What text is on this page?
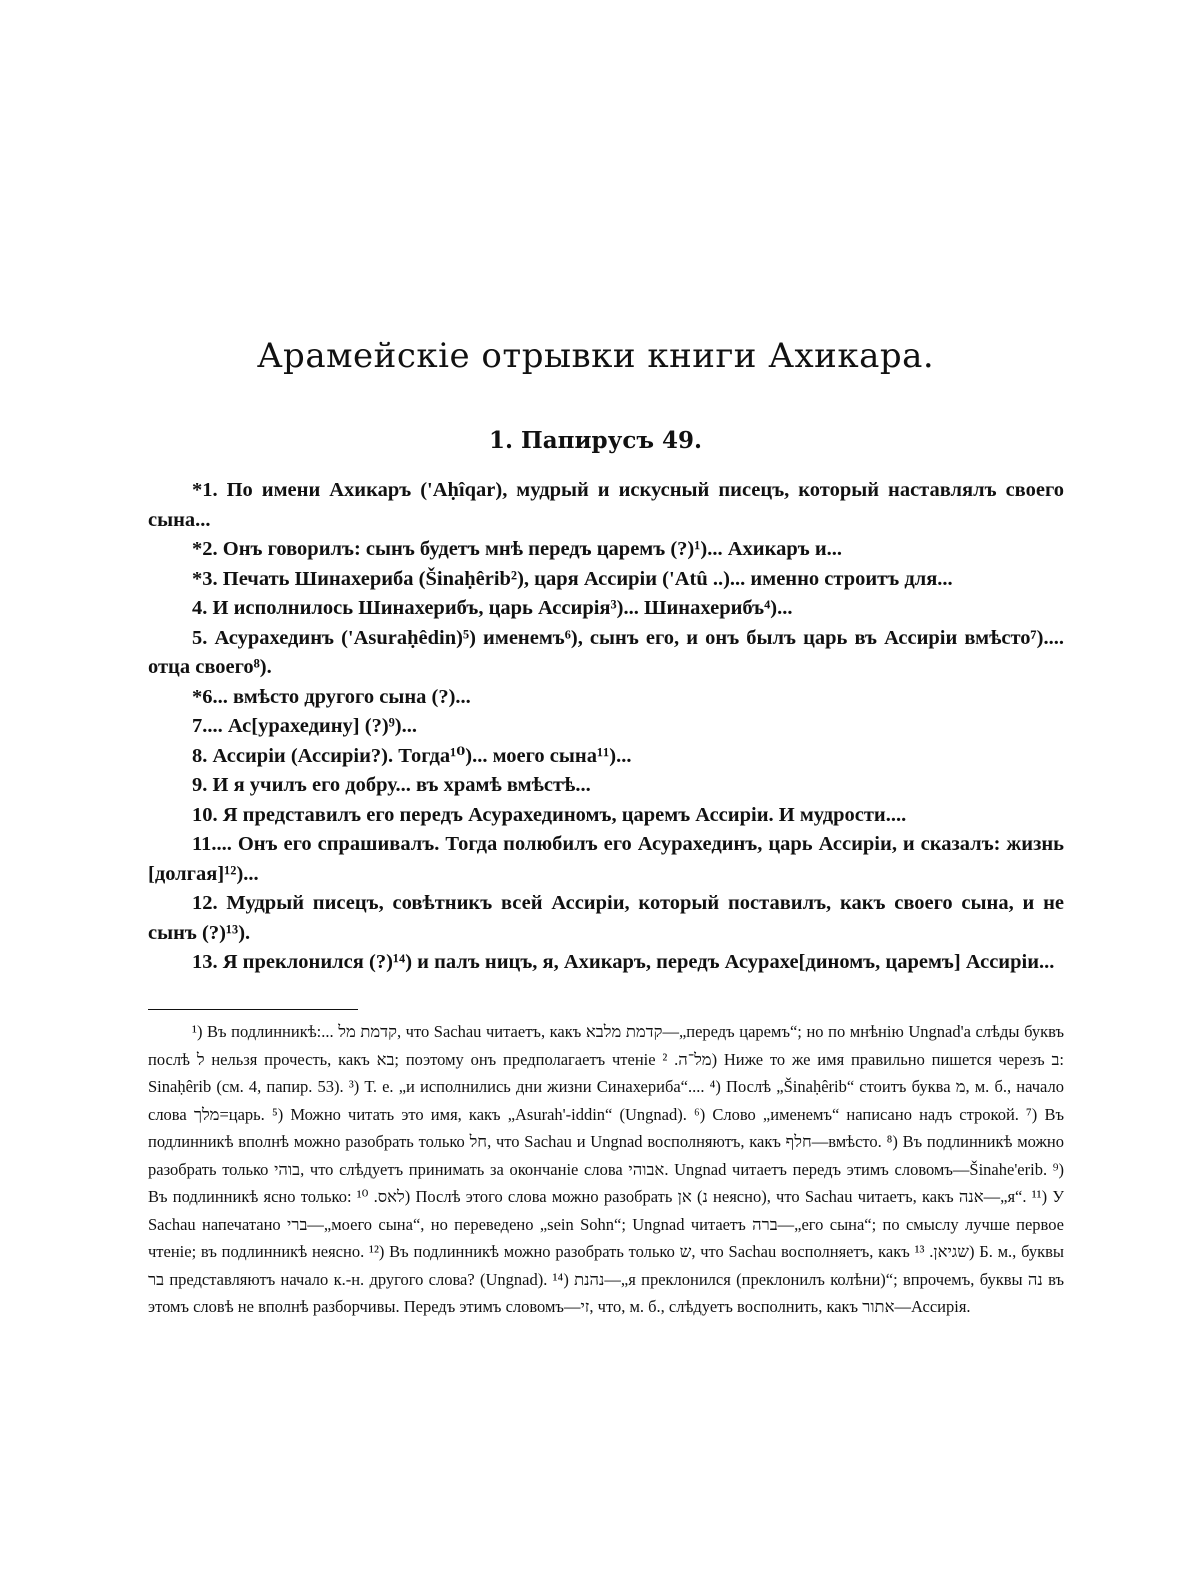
Арамейскiе отрывки книги Ахикара.
1. Папирусъ 49.

*1. По имени Ахикаръ ('Aḥîqar), мудрый и искусный писецъ, который наставлялъ своего сына...

*2. Онъ говорилъ: сынъ будетъ мнѣ передъ царемъ (?)¹)... Ахикаръ и...

*3. Печать Шинахериба (Šinaḥêrib²), царя Ассирiи ('Atû ..)... именно строитъ для...

4. И исполнилось Шинахерибъ, царь Ассирiя³)... Шинахерибъ⁴)...

5. Асурахединъ ('Asuraḥêdin)⁵) именемъ⁶), сынъ его, и онъ былъ царь въ Ассирiи вмѣсто⁷).... отца своего⁸).

*6... вмѣсто другого сына (?)...

7.... Ас[урахедину] (?)⁹)...

8. Ассирiи (Ассирiи?). Тогда¹⁰)... моего сына¹¹)...

9. И я училъ его добру... въ храмѣ вмѣстѣ...

10. Я представилъ его передъ Асурахединомъ, царемъ Ассирiи. И мудрости....

11.... Онъ его спрашивалъ. Тогда полюбилъ его Асурахединъ, царь Ассирiи, и сказалъ: жизнь [долгая]¹²)...

12. Мудрый писецъ, совѣтникъ всей Ассирiи, который поставилъ, какъ своего сына, и не сынъ (?)¹³).

13. Я преклонился (?)¹⁴) и палъ ницъ, я, Ахикаръ, передъ Асурахе[диномъ, царемъ] Ассирiи...

¹) Въ подлинникѣ:... קדמת מל, что Sachau читаетъ, какъ קדמת מלבא—„передъ царемъ“; но по мнѣнiю Ungnad'а слѣды буквъ послѣ ל нельзя прочесть, какъ בא; поэтому онъ предполагаетъ чтенiе מל־ה. ²) Ниже то же имя правильно пишется черезъ ב: Sinaḥêrib (см. 4, папир. 53). ³) Т. е. „и исполнились дни жизни Синахериба“.... ⁴) Послѣ „Šinaḥêrib“ стоитъ буква מ, м. б., начало слова מלך=царь. ⁵) Можно читать это имя, какъ „Asurah'-iddin“ (Ungnad). ⁶) Слово „именемъ“ написано надъ строкой. ⁷) Въ подлинникѣ вполнѣ можно разобрать только חל, что Sachau и Ungnad восполняютъ, какъ חלף—вмѣсто. ⁸) Въ подлинникѣ можно разобрать только בוהי, что слѣдуетъ принимать за окончанiе слова אבוהי. Ungnad читаетъ передъ этимъ словомъ—Šinahe'erib. ⁹) Въ подлинникѣ ясно только: לאס. ¹⁰) Послѣ этого слова можно разобрать אן (נ неясно), что Sachau читаетъ, какъ אנה—„я“. ¹¹) У Sachau напечатано ברי—„моего сына“, но переведено „sein Sohn“; Ungnad читаетъ ברה—„его сына“; по смыслу лучше первое чтенiе; въ подлинникѣ неясно. ¹²) Въ подлинникѣ можно разобрать только ש, что Sachau восполняетъ, какъ שגיאן. ¹³) Б. м., буквы בר представляютъ начало к.-н. другого слова? (Ungnad). ¹⁴) נהנת—„я преклонился (преклонилъ колѣни)“; впрочемъ, буквы נה въ этомъ словѣ не вполнѣ разборчивы. Передъ этимъ словомъ—זי, что, м. б., слѣдуетъ восполнить, какъ אתור—Ассирiя.
